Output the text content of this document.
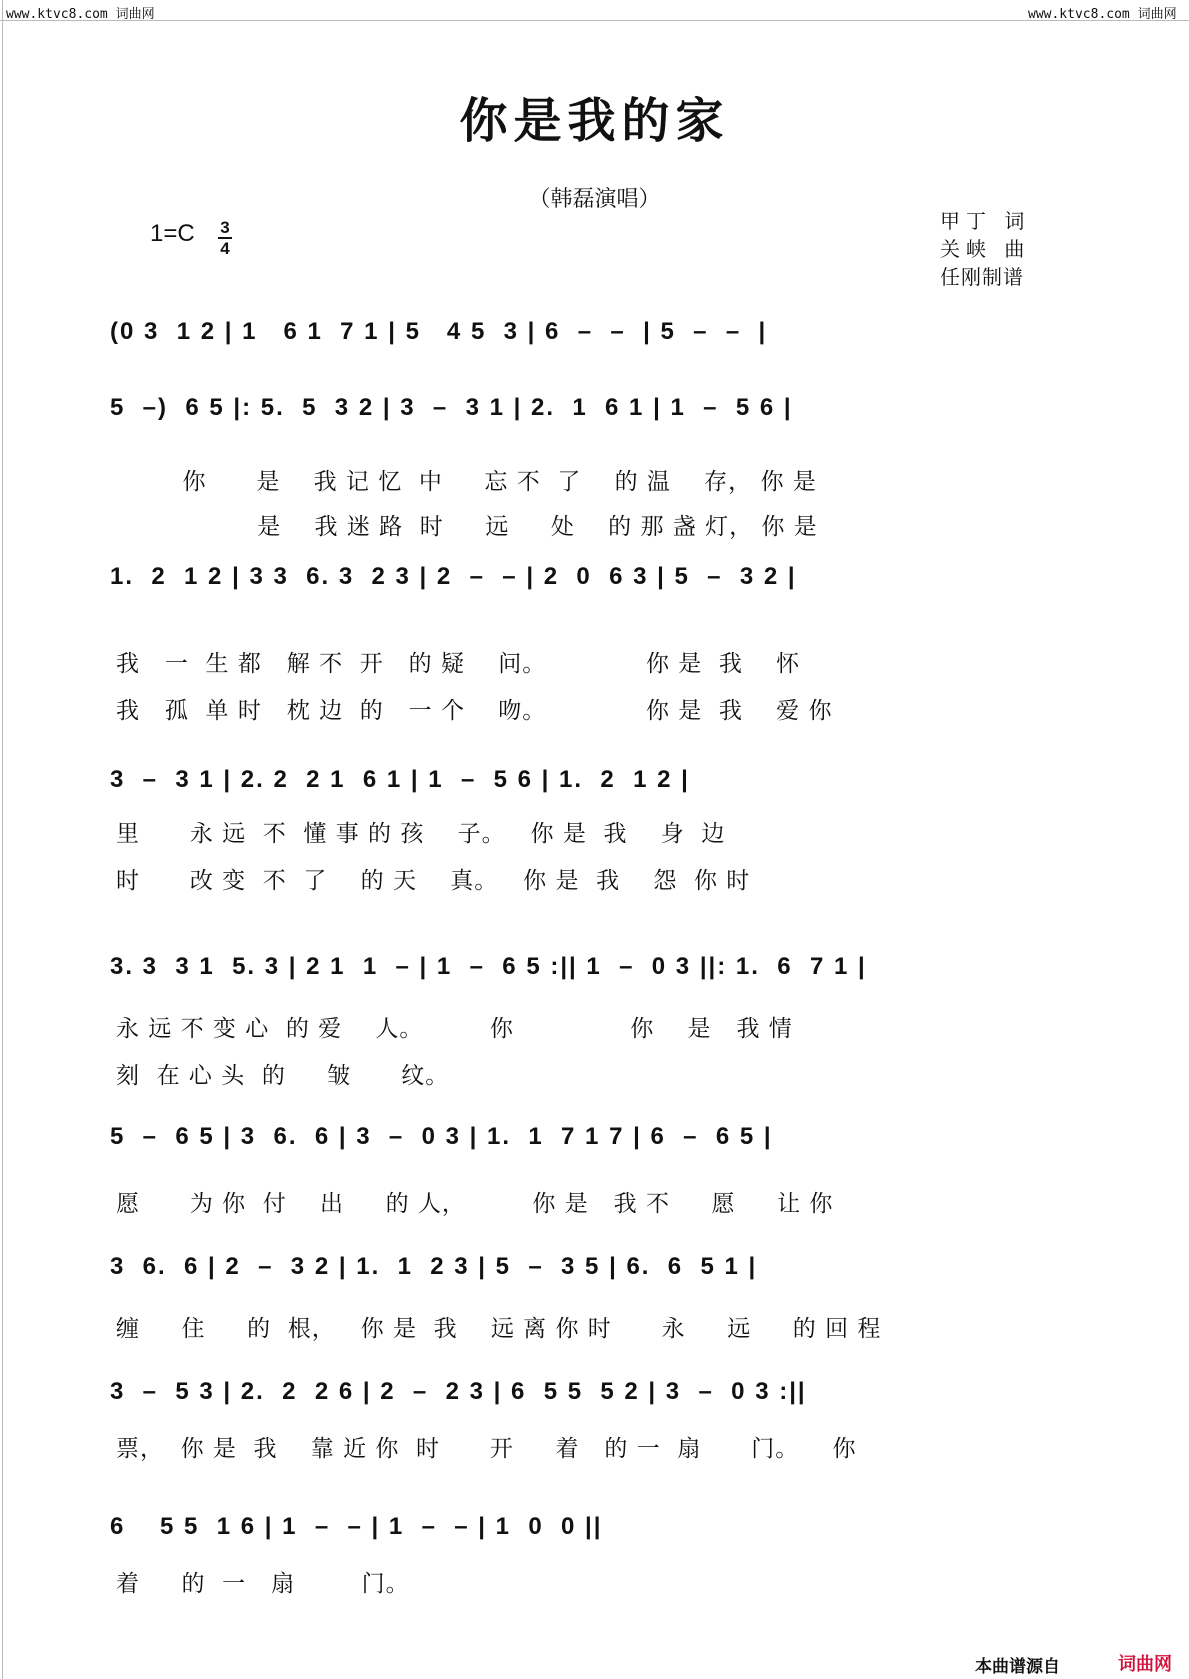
www.ktvc8.com 词曲网	www.ktvc8.com 词曲网
你是我的家
（韩磊演唱）
1=C 3
4
甲丁 词
关峡 曲
任刚制谱
(0 3  1 2 | 1   6 1  7 1 | 5   4 5  3 | 6  –  –  | 5  –  –  |
5  –)  6 5 |: 5.  5  3 2 | 3  –  3 1 | 2.  1  6 1 | 1  –  5 6 |
你      是    我 记 忆  中     忘 不  了    的 温    存， 你 是
是    我 迷 路  时     远     处    的 那 盏 灯， 你 是
1.  2  1 2 | 3 3  6. 3  2 3 | 2  –  – | 2  0  6 3 | 5  –  3 2 |
我   一  生 都   解 不  开   的 疑    问。            你 是  我    怀
我   孤  单 时   枕 边  的   一 个    吻。            你 是  我    爱 你
3  –  3 1 | 2. 2  2 1  6 1 | 1  –  5 6 | 1.  2  1 2 |
里      永 远  不  懂 事 的 孩    子。   你 是  我    身  边
时      改 变  不  了    的 天    真。   你 是  我    怨  你 时
3. 3  3 1  5. 3 | 2 1  1  – | 1  –  6 5 :|| 1  –  0 3 ||: 1.  6  7 1 |
永 远 不 变 心  的 爱    人。        你              你    是   我 情
刻  在 心 头  的     皱      纹。
5  –  6 5 | 3  6.  6 | 3  –  0 3 | 1.  1  7 1 7 | 6  –  6 5 |
愿      为 你  付    出     的 人，        你 是   我 不     愿     让 你
3  6.  6 | 2  –  3 2 | 1.  1  2 3 | 5  –  3 5 | 6.  6  5 1 |
缠     住     的  根，   你 是  我    远 离 你 时      永     远     的 回 程
3  –  5 3 | 2.  2  2 6 | 2  –  2 3 | 6  5 5  5 2 | 3  –  0 3 :||
票，  你 是  我    靠 近 你  时      开     着   的 一  扇      门。    你
6    5 5  1 6 | 1  –  – | 1  –  – | 1  0  0 ||
着     的  一   扇        门。
本曲谱源自	词曲网
